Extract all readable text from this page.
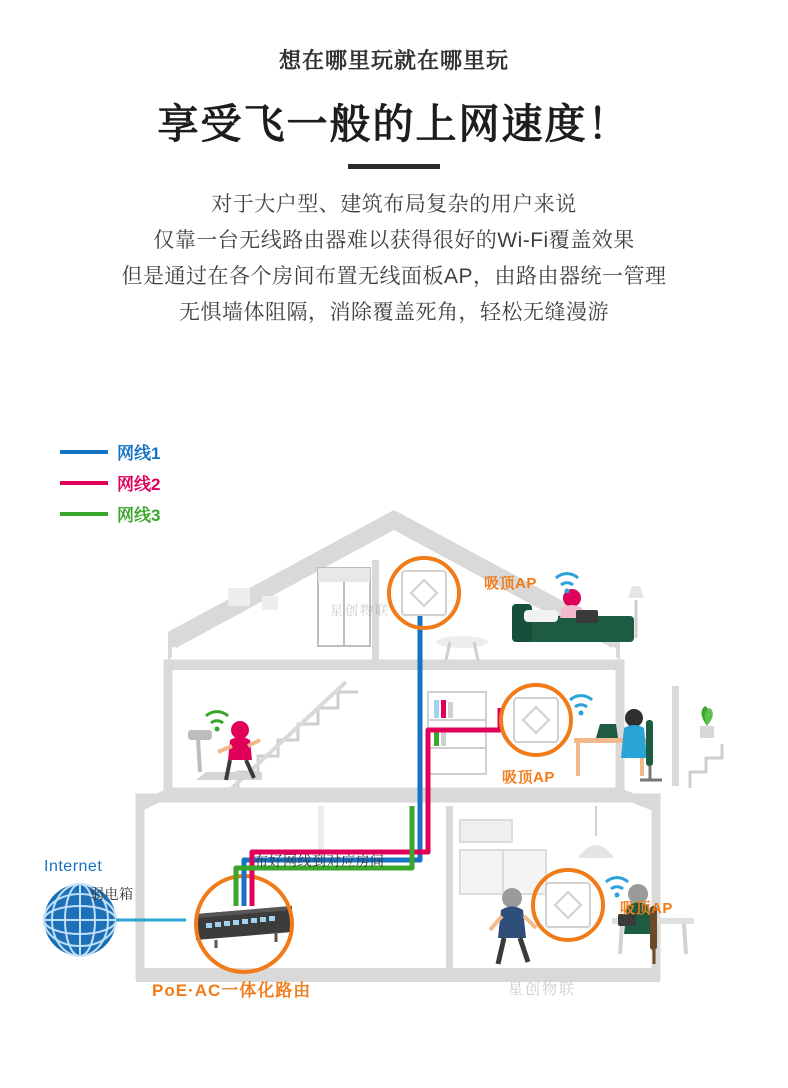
想在哪里玩就在哪里玩
享受飞一般的上网速度！
对于大户型、建筑布局复杂的用户来说
仅靠一台无线路由器难以获得很好的Wi-Fi覆盖效果
但是通过在各个房间布置无线面板AP，由路由器统一管理
无惧墙体阻隔，消除覆盖死角，轻松无缝漫游
网线1
网线2
网线3
吸顶AP
吸顶AP
吸顶AP
Internet
弱电箱
布好网线到对应房间
PoE·AC一体化路由	星创物联
星创物联
